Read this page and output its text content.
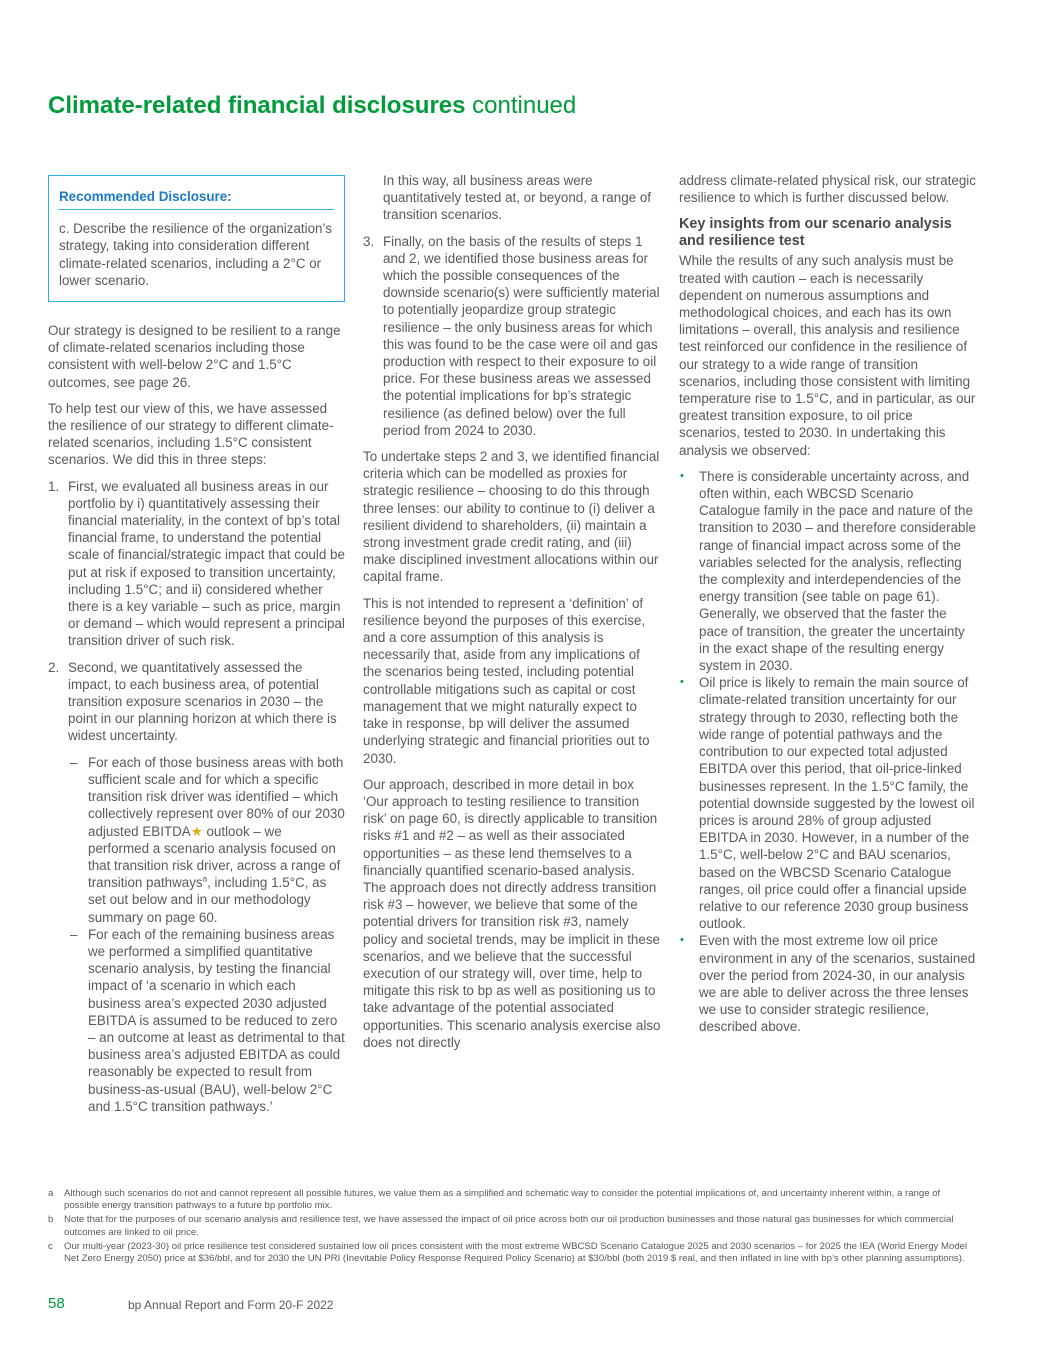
Climate-related financial disclosures continued
Recommended Disclosure:
c. Describe the resilience of the organization’s strategy, taking into consideration different climate-related scenarios, including a 2°C or lower scenario.

Our strategy is designed to be resilient to a range of climate-related scenarios including those consistent with well-below 2°C and 1.5°C outcomes, see page 26.

To help test our view of this, we have assessed the resilience of our strategy to different climate-related scenarios, including 1.5°C consistent scenarios. We did this in three steps:

1. First, we evaluated all business areas in our portfolio by i) quantitatively assessing their financial materiality, in the context of bp’s total financial frame, to understand the potential scale of financial/strategic impact that could be put at risk if exposed to transition uncertainty, including 1.5°C; and ii) considered whether there is a key variable – such as price, margin or demand – which would represent a principal transition driver of such risk.
2. Second, we quantitatively assessed the impact, to each business area, of potential transition exposure scenarios in 2030 – the point in our planning horizon at which there is widest uncertainty.
– For each of those business areas with both sufficient scale and for which a specific transition risk driver was identified – which collectively represent over 80% of our 2030 adjusted EBITDA★ outlook – we performed a scenario analysis focused on that transition risk driver, across a range of transition pathways$^a$, including 1.5°C, as set out below and in our methodology summary on page 60.
– For each of the remaining business areas we performed a simplified quantitative scenario analysis, by testing the financial impact of ‘a scenario in which each business area’s expected 2030 adjusted EBITDA is assumed to be reduced to zero – an outcome at least as detrimental to that business area’s adjusted EBITDA as could reasonably be expected to result from business-as-usual (BAU), well-below 2°C and 1.5°C transition pathways.’

In this way, all business areas were quantitatively tested at, or beyond, a range of transition scenarios.

3. Finally, on the basis of the results of steps 1 and 2, we identified those business areas for which the possible consequences of the downside scenario(s) were sufficiently material to potentially jeopardize group strategic resilience – the only business areas for which this was found to be the case were oil and gas production with respect to their exposure to oil price. For these business areas we assessed the potential implications for bp’s strategic resilience (as defined below) over the full period from 2024 to 2030.

To undertake steps 2 and 3, we identified financial criteria which can be modelled as proxies for strategic resilience – choosing to do this through three lenses: our ability to continue to (i) deliver a resilient dividend to shareholders, (ii) maintain a strong investment grade credit rating, and (iii) make disciplined investment allocations within our capital frame.

This is not intended to represent a ‘definition’ of resilience beyond the purposes of this exercise, and a core assumption of this analysis is necessarily that, aside from any implications of the scenarios being tested, including potential controllable mitigations such as capital or cost management that we might naturally expect to take in response, bp will deliver the assumed underlying strategic and financial priorities out to 2030.

Our approach, described in more detail in box ‘Our approach to testing resilience to transition risk’ on page 60, is directly applicable to transition risks #1 and #2 – as well as their associated opportunities – as these lend themselves to a financially quantified scenario-based analysis. The approach does not directly address transition risk #3 – however, we believe that some of the potential drivers for transition risk #3, namely policy and societal trends, may be implicit in these scenarios, and we believe that the successful execution of our strategy will, over time, help to mitigate this risk to bp as well as positioning us to take advantage of the potential associated opportunities. This scenario analysis exercise also does not directly

address climate-related physical risk, our strategic resilience to which is further discussed below.

Key insights from our scenario analysis and resilience test

While the results of any such analysis must be treated with caution – each is necessarily dependent on numerous assumptions and methodological choices, and each has its own limitations – overall, this analysis and resilience test reinforced our confidence in the resilience of our strategy to a wide range of transition scenarios, including those consistent with limiting temperature rise to 1.5°C, and in particular, as our greatest transition exposure, to oil price scenarios, tested to 2030. In undertaking this analysis we observed:

• There is considerable uncertainty across, and often within, each WBCSD Scenario Catalogue family in the pace and nature of the transition to 2030 – and therefore considerable range of financial impact across some of the variables selected for the analysis, reflecting the complexity and interdependencies of the energy transition (see table on page 61). Generally, we observed that the faster the pace of transition, the greater the uncertainty in the exact shape of the resulting energy system in 2030.
• Oil price is likely to remain the main source of climate-related transition uncertainty for our strategy through to 2030, reflecting both the wide range of potential pathways and the contribution to our expected total adjusted EBITDA over this period, that oil-price-linked businesses represent. In the 1.5°C family, the potential downside suggested by the lowest oil prices is around 28% of group adjusted EBITDA in 2030. However, in a number of the 1.5°C, well-below 2°C and BAU scenarios, based on the WBCSD Scenario Catalogue ranges, oil price could offer a financial upside relative to our reference 2030 group business outlook.
• Even with the most extreme low oil price environment in any of the scenarios, sustained over the period from 2024-30, in our analysis we are able to deliver across the three lenses we use to consider strategic resilience, described above.
a Although such scenarios do not and cannot represent all possible futures, we value them as a simplified and schematic way to consider the potential implications of, and uncertainty inherent within, a range of possible energy transition pathways to a future bp portfolio mix.
b Note that for the purposes of our scenario analysis and resilience test, we have assessed the impact of oil price across both our oil production businesses and those natural gas businesses for which commercial outcomes are linked to oil price.
c Our multi-year (2023-30) oil price resilience test considered sustained low oil prices consistent with the most extreme WBCSD Scenario Catalogue 2025 and 2030 scenarios – for 2025 the IEA (World Energy Model Net Zero Energy 2050) price at $36/bbl, and for 2030 the UN PRI (Inevitable Policy Response Required Policy Scenario) at $30/bbl (both 2019 $ real, and then inflated in line with bp’s other planning assumptions).
58	bp Annual Report and Form 20-F 2022
